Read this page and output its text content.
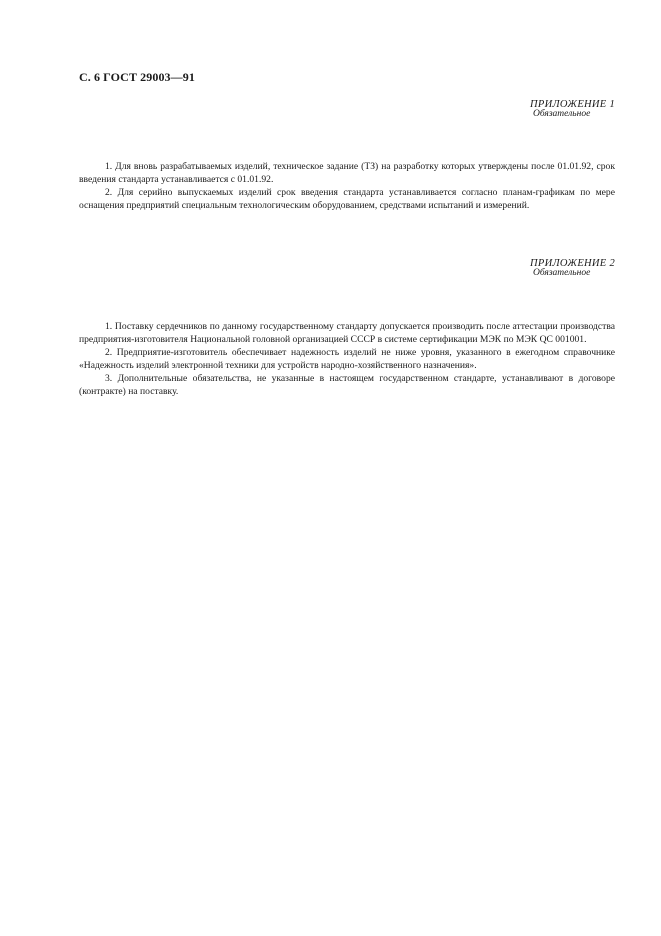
С. 6 ГОСТ 29003—91
ПРИЛОЖЕНИЕ 1
Обязательное

1. Для вновь разрабатываемых изделий, техническое задание (ТЗ) на разработку которых утверждены после 01.01.92, срок введения стандарта устанавливается с 01.01.92.

2. Для серийно выпускаемых изделий срок введения стандарта устанавливается согласно планам-графикам по мере оснащения предприятий специальным технологическим оборудованием, средствами испытаний и измерений.

ПРИЛОЖЕНИЕ 2
Обязательное

1. Поставку сердечников по данному государственному стандарту допускается производить после аттестации производства предприятия-изготовителя Национальной головной организацией СССР в системе сертификации МЭК по МЭК QC 001001.

2. Предприятие-изготовитель обеспечивает надежность изделий не ниже уровня, указанного в ежегодном справочнике «Надежность изделий электронной техники для устройств народно-хозяйственного назначения».

3. Дополнительные обязательства, не указанные в настоящем государственном стандарте, устанавливают в договоре (контракте) на поставку.
